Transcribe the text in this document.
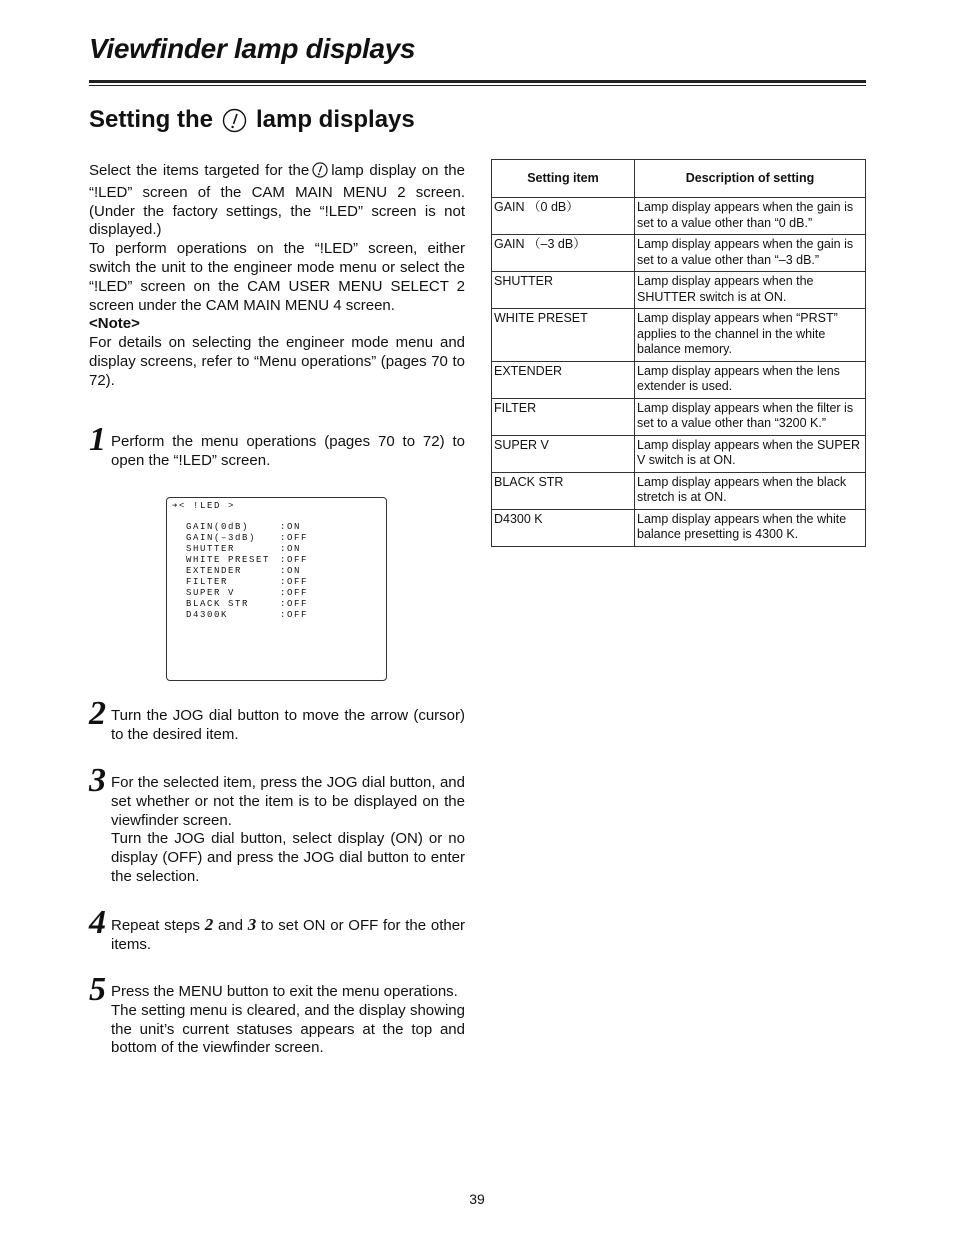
Viewfinder lamp displays
Setting the lamp displays

Select the items targeted for the lamp display on the “!LED” screen of the CAM MAIN MENU 2 screen. (Under the factory settings, the “!LED” screen is not displayed.)

To perform operations on the “!LED” screen, either switch the unit to the engineer mode menu or select the “!LED” screen on the CAM USER MENU SELECT 2 screen under the CAM MAIN MENU 4 screen.

<Note>

For details on selecting the engineer mode menu and display screens, refer to “Menu operations” (pages 70 to 72).

1 Perform the menu operations (pages 70 to 72) to open the “!LED” screen.

➔< !LED >
GAIN(0dB)	:ON
GAIN(–3dB)	:OFF
SHUTTER	:ON
WHITE PRESET	:OFF
EXTENDER	:ON
FILTER	:OFF
SUPER V	:OFF
BLACK STR	:OFF
D4300K	:OFF
2 Turn the JOG dial button to move the arrow (cursor) to the desired item.

3 For the selected item, press the JOG dial button, and set whether or not the item is to be displayed on the viewfinder screen.

Turn the JOG dial button, select display (ON) or no display (OFF) and press the JOG dial button to enter the selection.

4 Repeat steps 2 and 3 to set ON or OFF for the other items.

5 Press the MENU button to exit the menu operations.

The setting menu is cleared, and the display showing the unit’s current statuses appears at the top and bottom of the viewfinder screen.

Setting item	Description of setting
GAIN （0 dB）	Lamp display appears when the gain is set to a value other than “0 dB.”
GAIN （–3 dB）	Lamp display appears when the gain is set to a value other than “–3 dB.”
SHUTTER	Lamp display appears when the SHUTTER switch is at ON.
WHITE PRESET	Lamp display appears when “PRST” applies to the channel in the white balance memory.
EXTENDER	Lamp display appears when the lens extender is used.
FILTER	Lamp display appears when the filter is set to a value other than “3200 K.”
SUPER V	Lamp display appears when the SUPER V switch is at ON.
BLACK STR	Lamp display appears when the black stretch is at ON.
D4300 K	Lamp display appears when the white balance presetting is 4300 K.
39
